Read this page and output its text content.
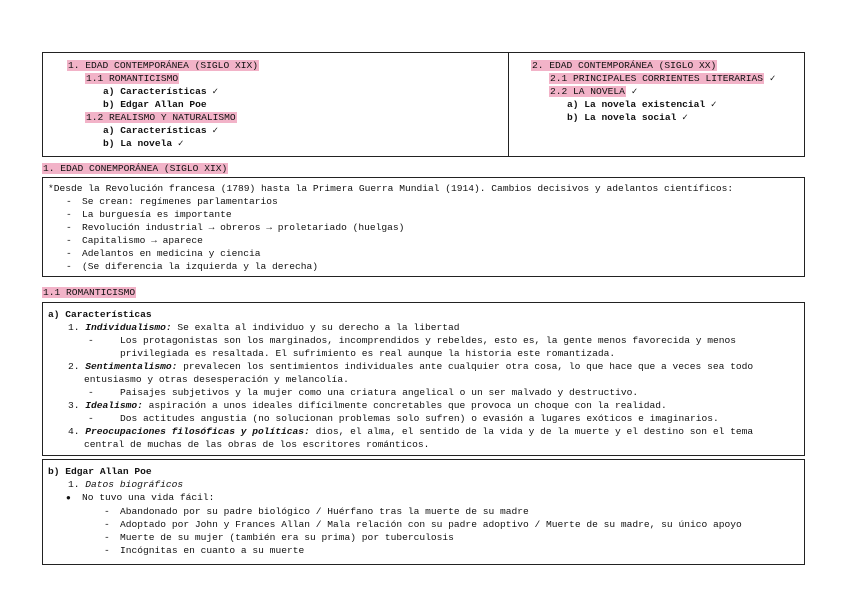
1. EDAD CONTEMPORÁNEA (SIGLO XIX)
1.1 ROMANTICISMO
a) Características ✓
b) Edgar Allan Poe
1.2 REALISMO Y NATURALISMO
a) Características ✓
b) La novela ✓
2. EDAD CONTEMPORÁNEA (SIGLO XX)
2.1 PRINCIPALES CORRIENTES LITERARIAS ✓
2.2 LA NOVELA ✓
a) La novela existencial ✓
b) La novela social ✓
1. EDAD CONEMPORÁNEA (SIGLO XIX)
*Desde la Revolución francesa (1789) hasta la Primera Guerra Mundial (1914). Cambios decisivos y adelantos científicos:
- Se crean: regímenes parlamentarios
- La burguesía es importante
- Revolución industrial → obreros → proletariado (huelgas)
- Capitalismo → aparece
- Adelantos en medicina y ciencia
- (Se diferencia la izquierda y la derecha)
1.1 ROMANTICISMO
a) Características
1. Individualismo: Se exalta al individuo y su derecho a la libertad
- Los protagonistas son los marginados, incomprendidos y rebeldes, esto es, la gente menos favorecida y menos privilegiada es resaltada. El sufrimiento es real aunque la historia este romantizada.
2. Sentimentalismo: prevalecen los sentimientos individuales ante cualquier otra cosa, lo que hace que a veces sea todo entusiasmo y otras desesperación y melancolía.
- Paisajes subjetivos y la mujer como una criatura angelical o un ser malvado y destructivo.
3. Idealismo: aspiración a unos ideales difícilmente concretables que provoca un choque con la realidad.
- Dos actitudes angustia (no solucionan problemas solo sufren) o evasión a lugares exóticos e imaginarios.
4. Preocupaciones filosóficas y políticas: dios, el alma, el sentido de la vida y de la muerte y el destino son el tema central de muchas de las obras de los escritores románticos.
b) Edgar Allan Poe
1. Datos biográficos
● No tuvo una vida fácil:
- Abandonado por su padre biológico / Huérfano tras la muerte de su madre
- Adoptado por John y Frances Allan / Mala relación con su padre adoptivo / Muerte de su madre, su único apoyo
- Muerte de su mujer (también era su prima) por tuberculosis
- Incógnitas en cuanto a su muerte
